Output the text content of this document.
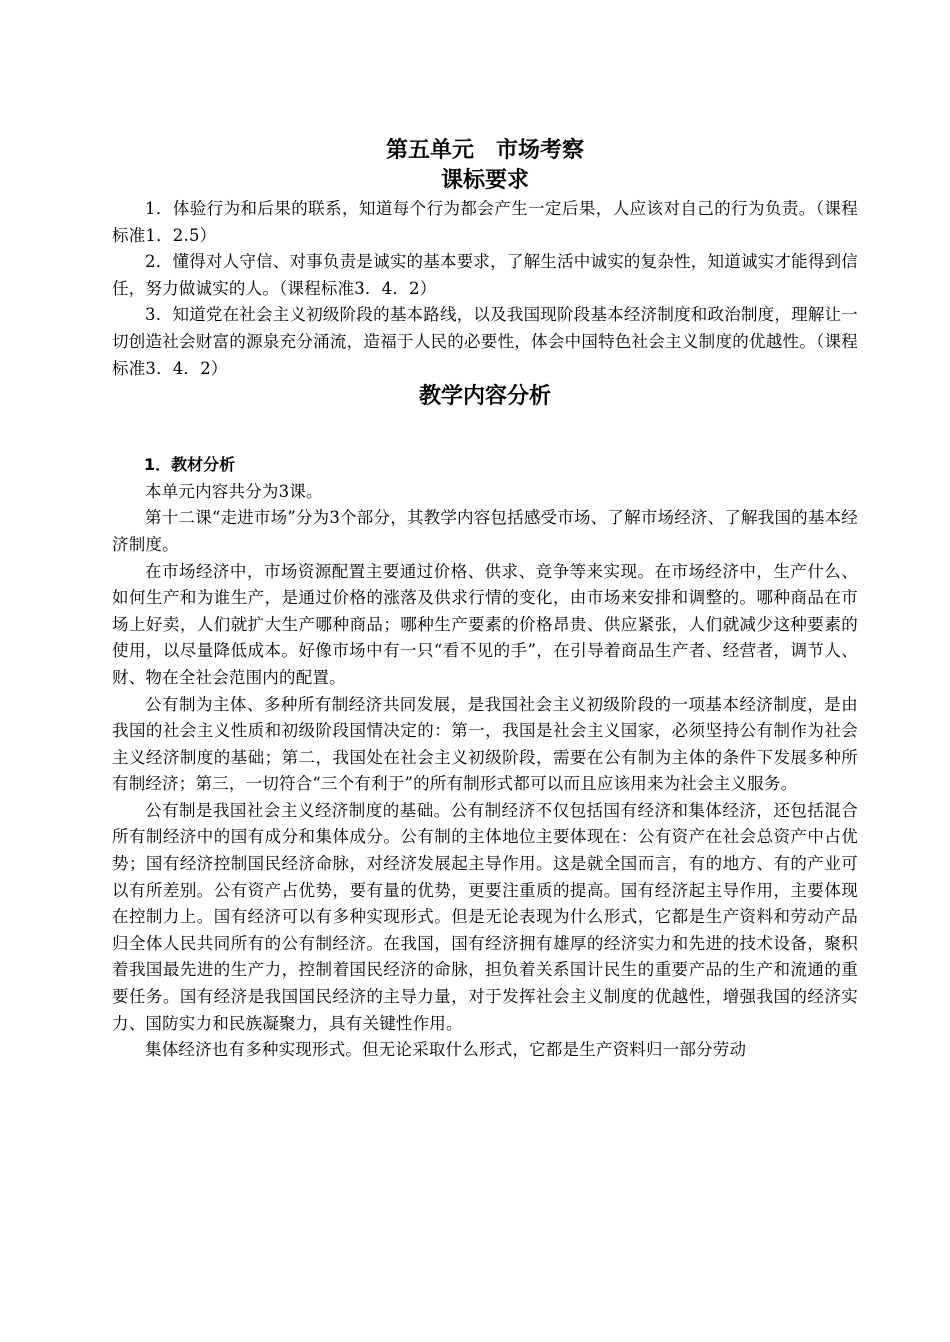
第五单元　市场考察
课标要求

1．体验行为和后果的联系，知道每个行为都会产生一定后果，人应该对自己的行为负责。（课程标准1．2.5）

2．懂得对人守信、对事负责是诚实的基本要求，了解生活中诚实的复杂性，知道诚实才能得到信任，努力做诚实的人。（课程标准3．4．2）

3．知道党在社会主义初级阶段的基本路线，以及我国现阶段基本经济制度和政治制度，理解让一切创造社会财富的源泉充分涌流，造福于人民的必要性，体会中国特色社会主义制度的优越性。（课程标准3．4．2）

教学内容分析

1．教材分析

本单元内容共分为3课。

第十二课“走进市场”分为3个部分，其教学内容包括感受市场、了解市场经济、了解我国的基本经济制度。

在市场经济中，市场资源配置主要通过价格、供求、竞争等来实现。在市场经济中，生产什么、如何生产和为谁生产，是通过价格的涨落及供求行情的变化，由市场来安排和调整的。哪种商品在市场上好卖，人们就扩大生产哪种商品；哪种生产要素的价格昂贵、供应紧张，人们就减少这种要素的使用，以尽量降低成本。好像市场中有一只“看不见的手”，在引导着商品生产者、经营者，调节人、财、物在全社会范围内的配置。

公有制为主体、多种所有制经济共同发展，是我国社会主义初级阶段的一项基本经济制度，是由我国的社会主义性质和初级阶段国情决定的：第一，我国是社会主义国家，必须坚持公有制作为社会主义经济制度的基础；第二，我国处在社会主义初级阶段，需要在公有制为主体的条件下发展多种所有制经济；第三，一切符合“三个有利于”的所有制形式都可以而且应该用来为社会主义服务。

公有制是我国社会主义经济制度的基础。公有制经济不仅包括国有经济和集体经济，还包括混合所有制经济中的国有成分和集体成分。公有制的主体地位主要体现在：公有资产在社会总资产中占优势；国有经济控制国民经济命脉，对经济发展起主导作用。这是就全国而言，有的地方、有的产业可以有所差别。公有资产占优势，要有量的优势，更要注重质的提高。国有经济起主导作用，主要体现在控制力上。国有经济可以有多种实现形式。但是无论表现为什么形式，它都是生产资料和劳动产品归全体人民共同所有的公有制经济。在我国，国有经济拥有雄厚的经济实力和先进的技术设备，聚积着我国最先进的生产力，控制着国民经济的命脉，担负着关系国计民生的重要产品的生产和流通的重要任务。国有经济是我国国民经济的主导力量，对于发挥社会主义制度的优越性，增强我国的经济实力、国防实力和民族凝聚力，具有关键性作用。

集体经济也有多种实现形式。但无论采取什么形式，它都是生产资料归一部分劳动
